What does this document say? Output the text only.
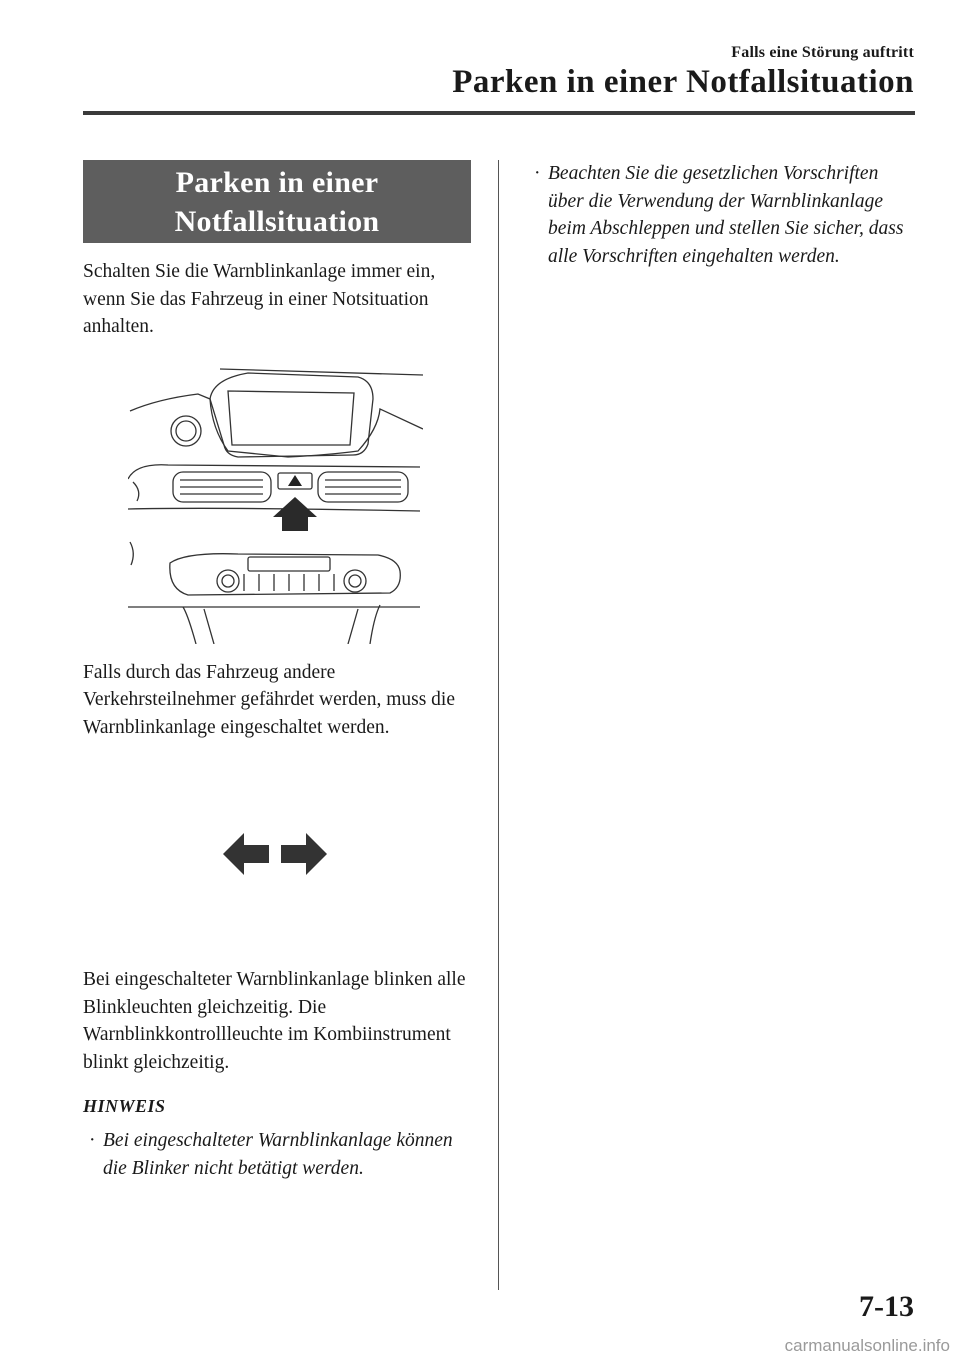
Falls eine Störung auftritt
Parken in einer Notfallsituation
Parken in einer
Notfallsituation

Schalten Sie die Warnblinkanlage immer ein, wenn Sie das Fahrzeug in einer Notsituation anhalten.

Falls durch das Fahrzeug andere Verkehrsteilnehmer gefährdet werden, muss die Warnblinkanlage eingeschaltet werden.

Bei eingeschalteter Warnblinkanlage blinken alle Blinkleuchten gleichzeitig. Die Warnblinkkontrollleuchte im Kombiinstrument blinkt gleichzeitig.

HINWEIS
· Bei eingeschalteter Warnblinkanlage können die Blinker nicht betätigt werden.
· Beachten Sie die gesetzlichen Vorschriften über die Verwendung der Warnblinkanlage beim Abschleppen und stellen Sie sicher, dass alle Vorschriften eingehalten werden.
7-13
carmanualsonline.info
